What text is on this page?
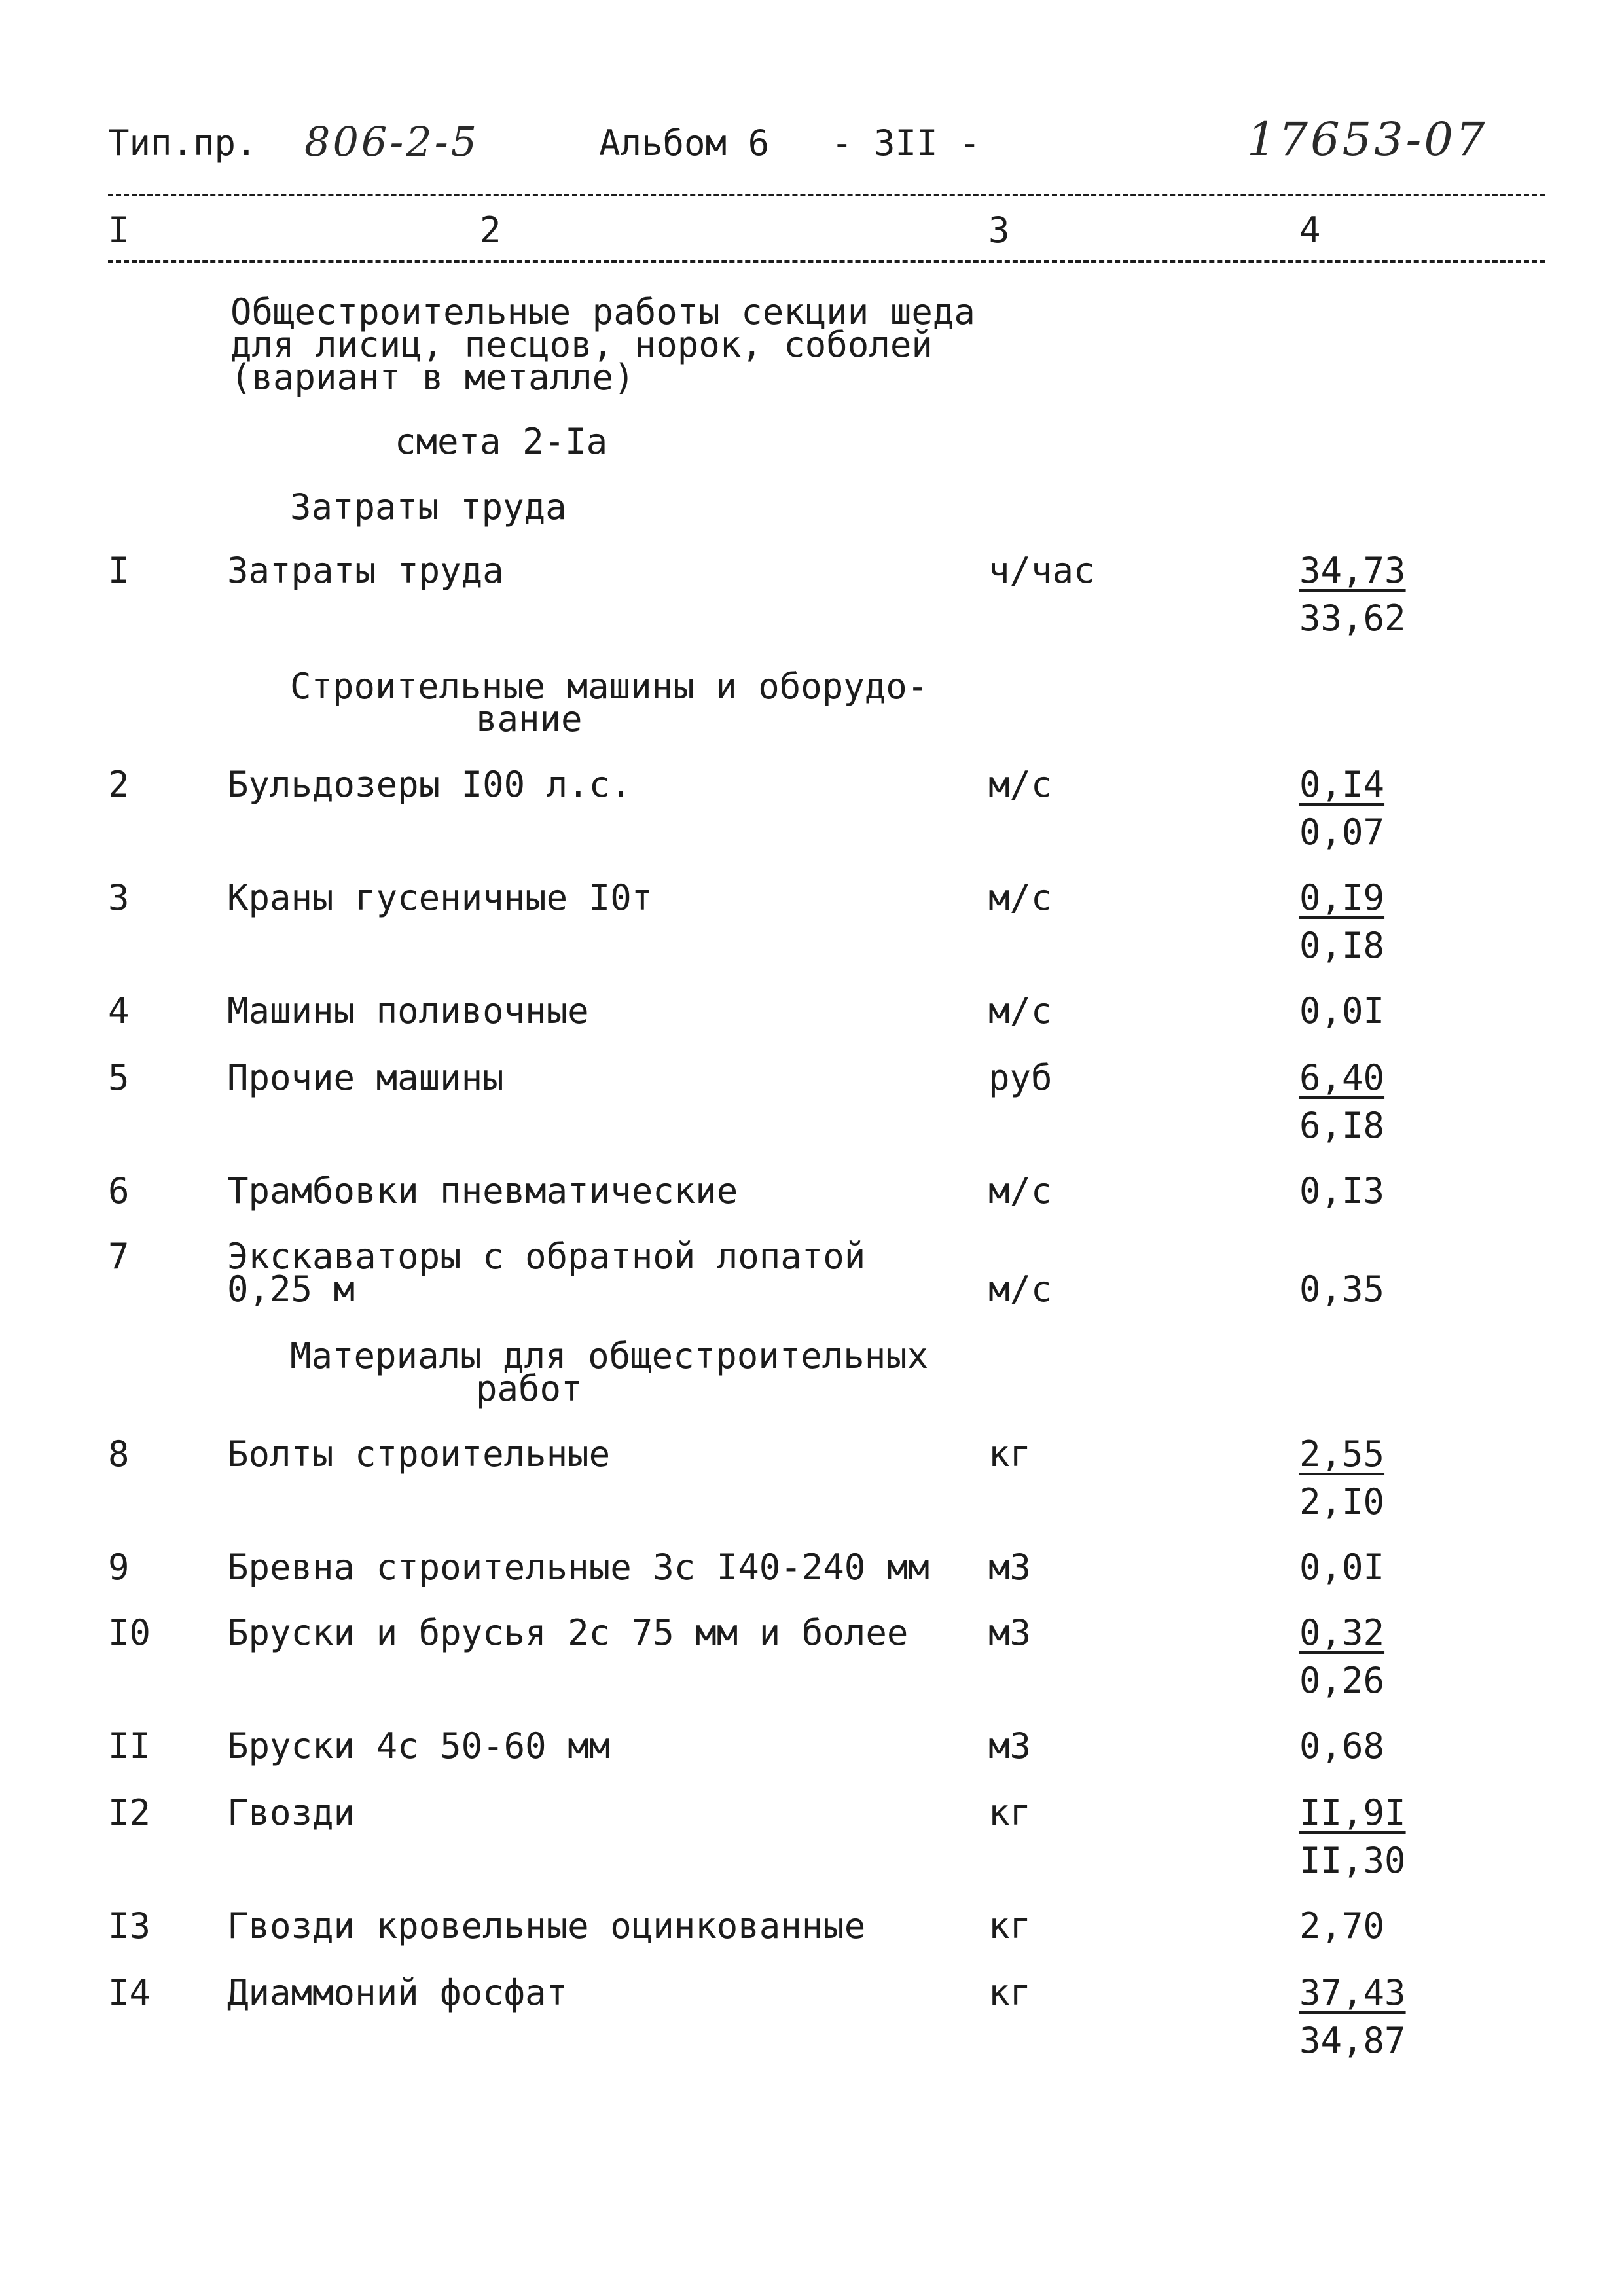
Тип.пр. 806-2-5	Альбом 6 - 3II -	17653-07
I	2	3	4
Общестроительные работы секции шеда
для лисиц, песцов, норок, соболей
(вариант в металле)
смета 2-Iа
Затраты труда
I	Затраты труда	ч/час	34,73
33,62
Строительные машины и оборудо-
вание
2	Бульдозеры I00 л.с.	м/с	0,I4
0,07
3	Краны гусеничные I0т	м/с	0,I9
0,I8
4	Машины поливочные	м/с	0,0I
5	Прочие машины	руб	6,40
6,I8
6	Трамбовки пневматические	м/с	0,I3
7	Экскаваторы с обратной лопатой
0,25 м	м/с	0,35
Материалы для общестроительных
работ
8	Болты строительные	кг	2,55
2,I0
9	Бревна строительные 3с I40-240 мм м3	0,0I
I0 Бруски и брусья 2с 75 мм и более м3	0,32
0,26
II Бруски 4с 50-60 мм	м3	0,68
I2 Гвозди	кг	II,9I
II,30
I3 Гвозди кровельные оцинкованные	кг	2,70
I4 Диаммоний фосфат	кг	37,43
34,87
